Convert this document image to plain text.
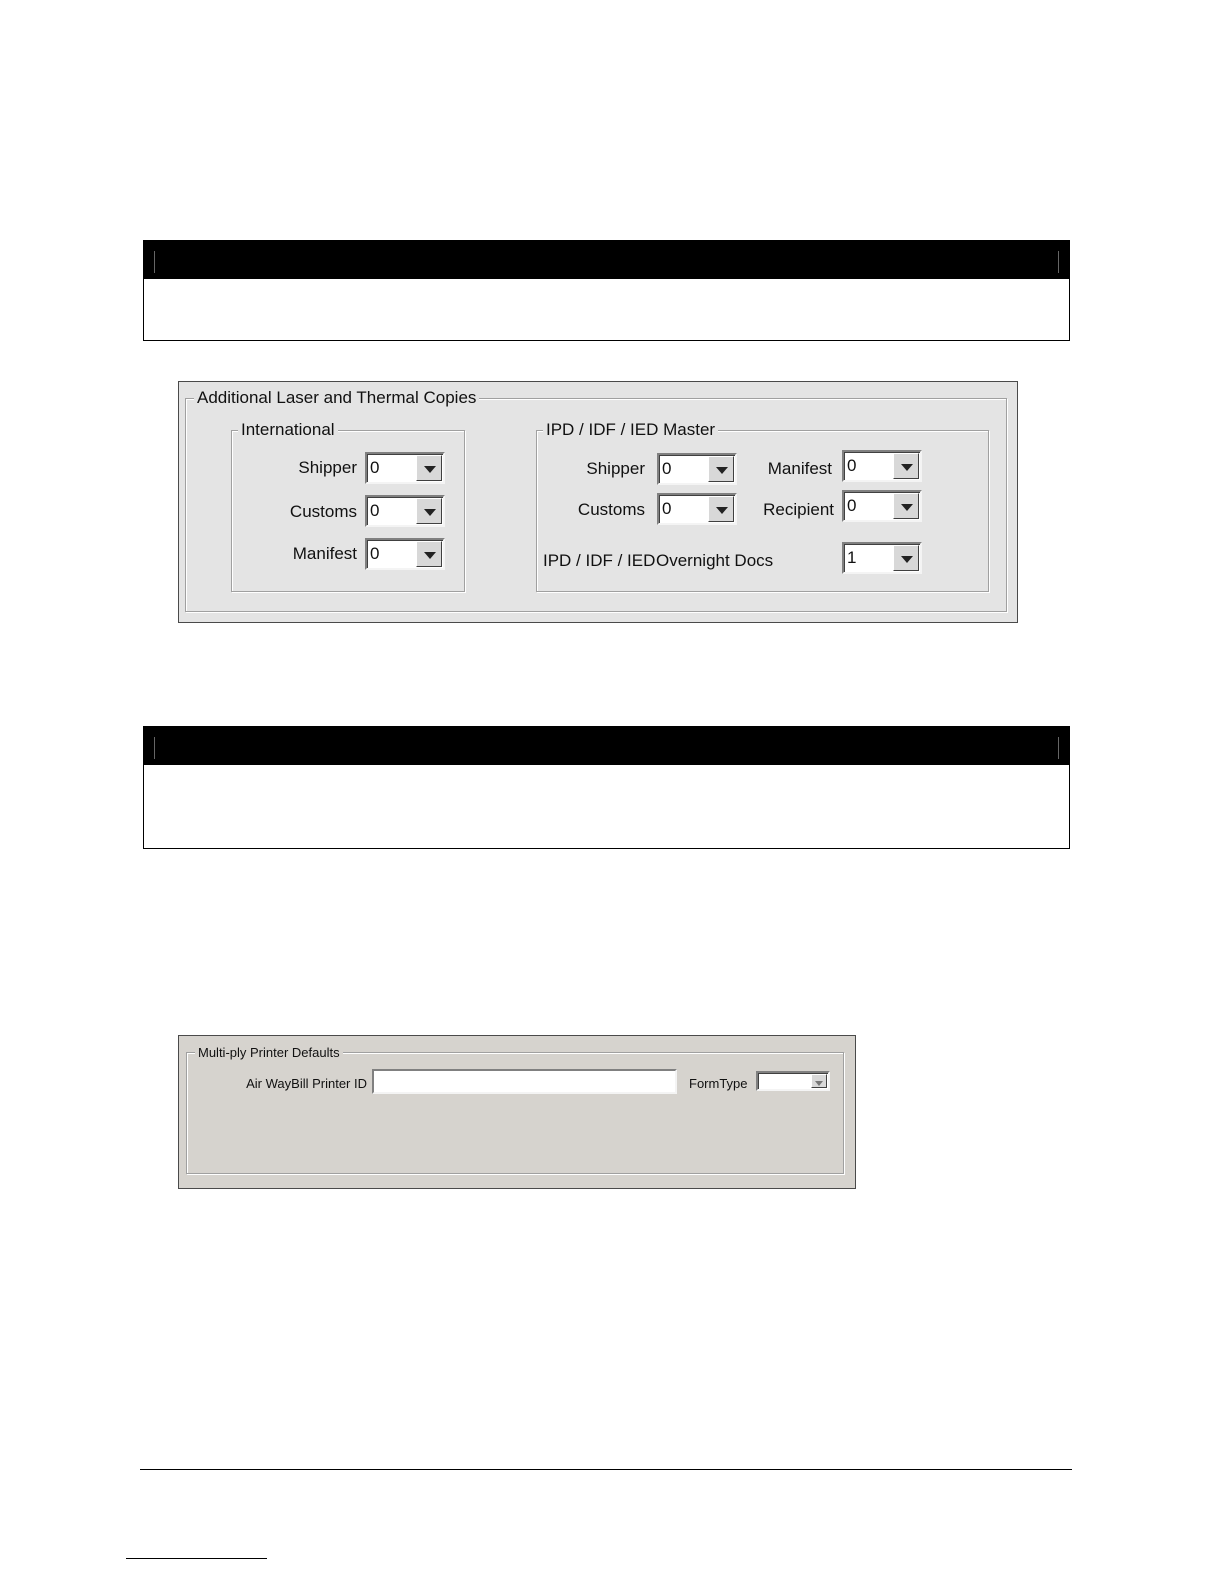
Additional Laser and Thermal Copies
International
Shipper 0
Customs 0
Manifest 0
IPD / IDF / IED Master
Shipper 0	Manifest 0
Customs 0	Recipient 0
IPD / IDF / IED Overnight Docs	1
Multi-ply Printer Defaults
Air WayBill Printer ID	FormType
